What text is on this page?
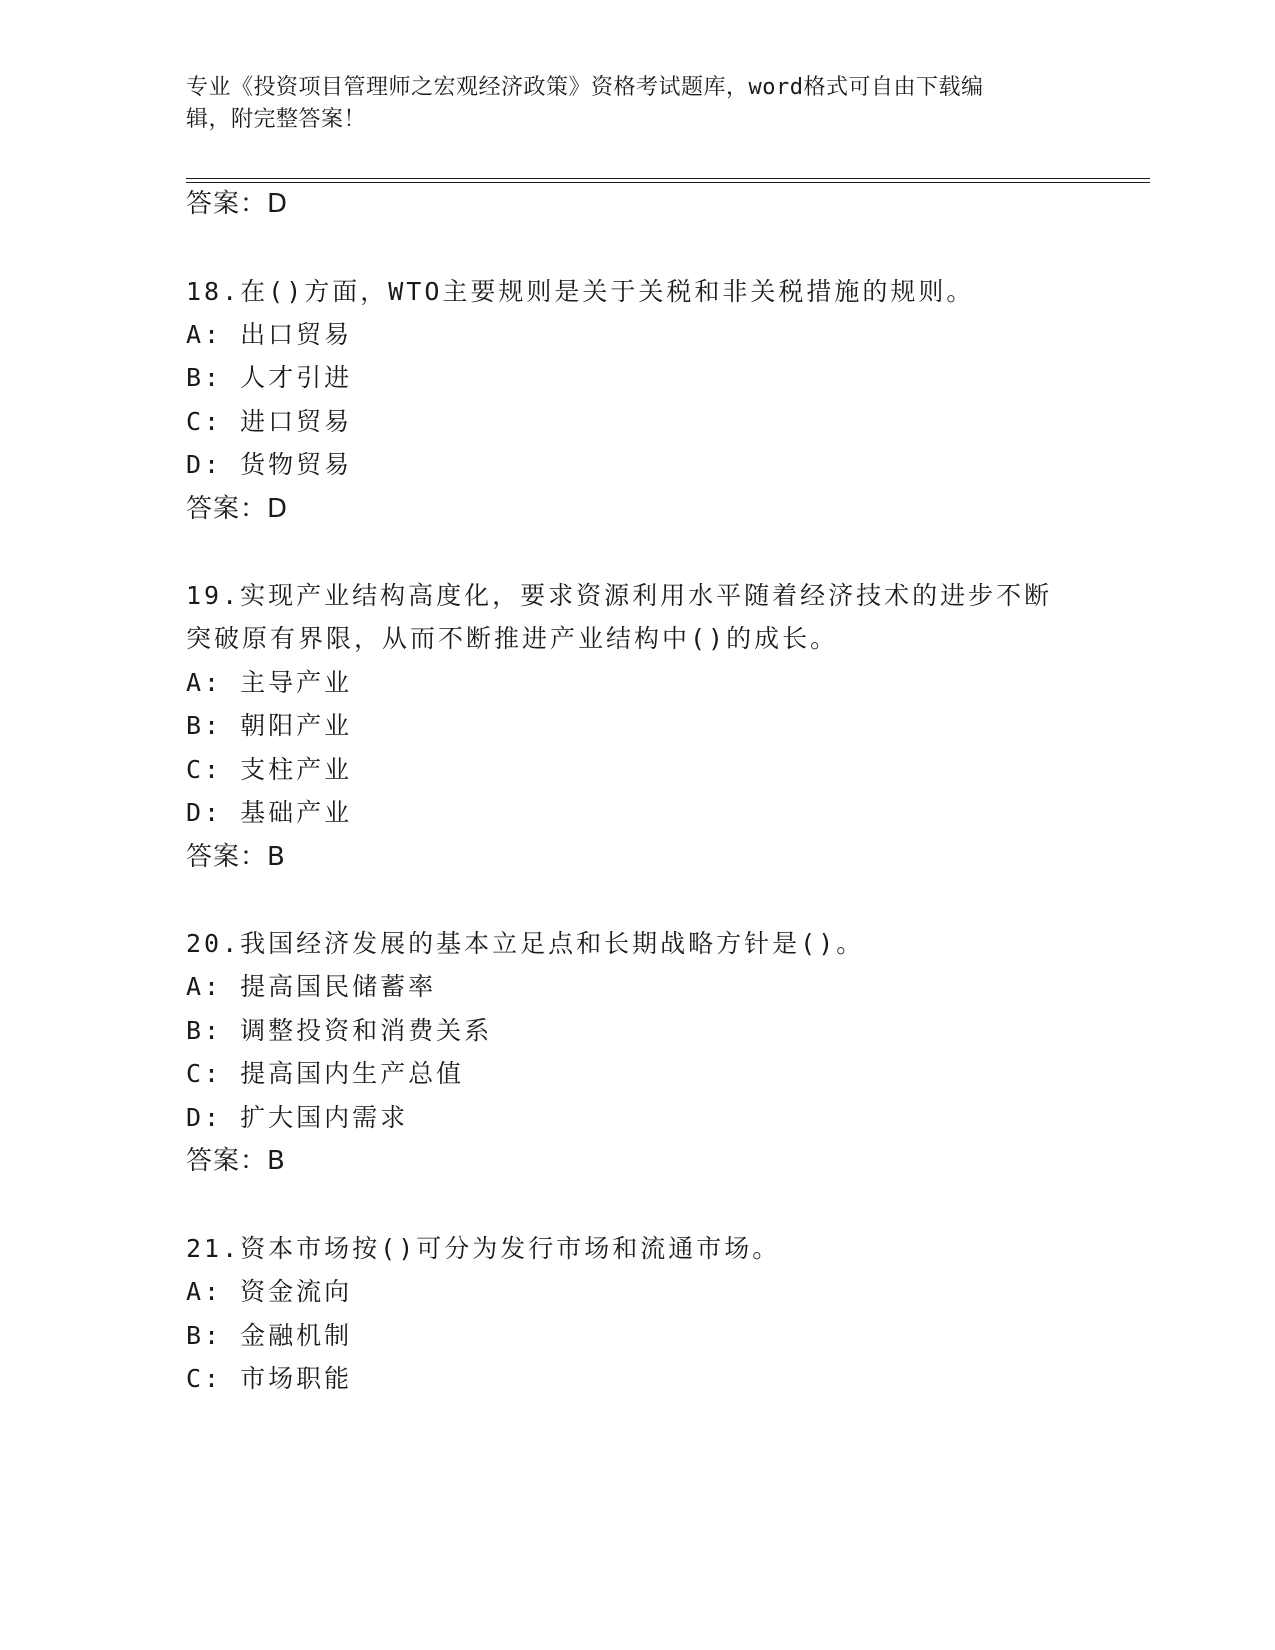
专业《投资项目管理师之宏观经济政策》资格考试题库，word格式可自由下载编
辑，附完整答案！
答案：D
18.在()方面，WTO主要规则是关于关税和非关税措施的规则。
A: 出口贸易
B: 人才引进
C: 进口贸易
D: 货物贸易
答案：D
19.实现产业结构高度化，要求资源利用水平随着经济技术的进步不断
突破原有界限，从而不断推进产业结构中()的成长。
A: 主导产业
B: 朝阳产业
C: 支柱产业
D: 基础产业
答案：B
20.我国经济发展的基本立足点和长期战略方针是()。
A: 提高国民储蓄率
B: 调整投资和消费关系
C: 提高国内生产总值
D: 扩大国内需求
答案：B
21.资本市场按()可分为发行市场和流通市场。
A: 资金流向
B: 金融机制
C: 市场职能
